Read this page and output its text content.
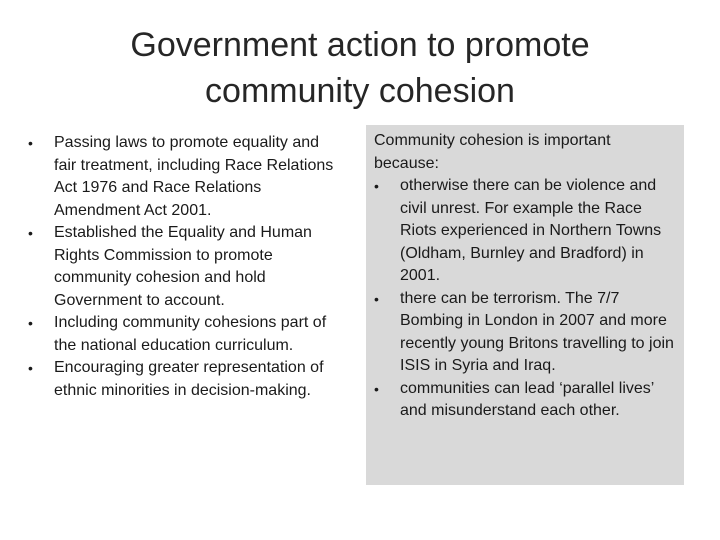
Government action to promote community cohesion
•	Passing laws to promote equality and fair treatment, including Race Relations Act 1976 and Race Relations Amendment Act 2001.
•	Established the Equality and Human Rights Commission to promote community cohesion and hold Government to account.
•	Including community cohesions part of the national education curriculum.
•	Encouraging greater representation of ethnic minorities in decision-making.
Community cohesion is important because:
•	otherwise there can be violence and civil unrest. For example the Race Riots experienced in Northern Towns (Oldham, Burnley and Bradford) in 2001.
•	there can be terrorism. The 7/7 Bombing in London in 2007 and more recently young Britons travelling to join ISIS in Syria and Iraq.
•	communities can lead ‘parallel lives’ and misunderstand each other.
